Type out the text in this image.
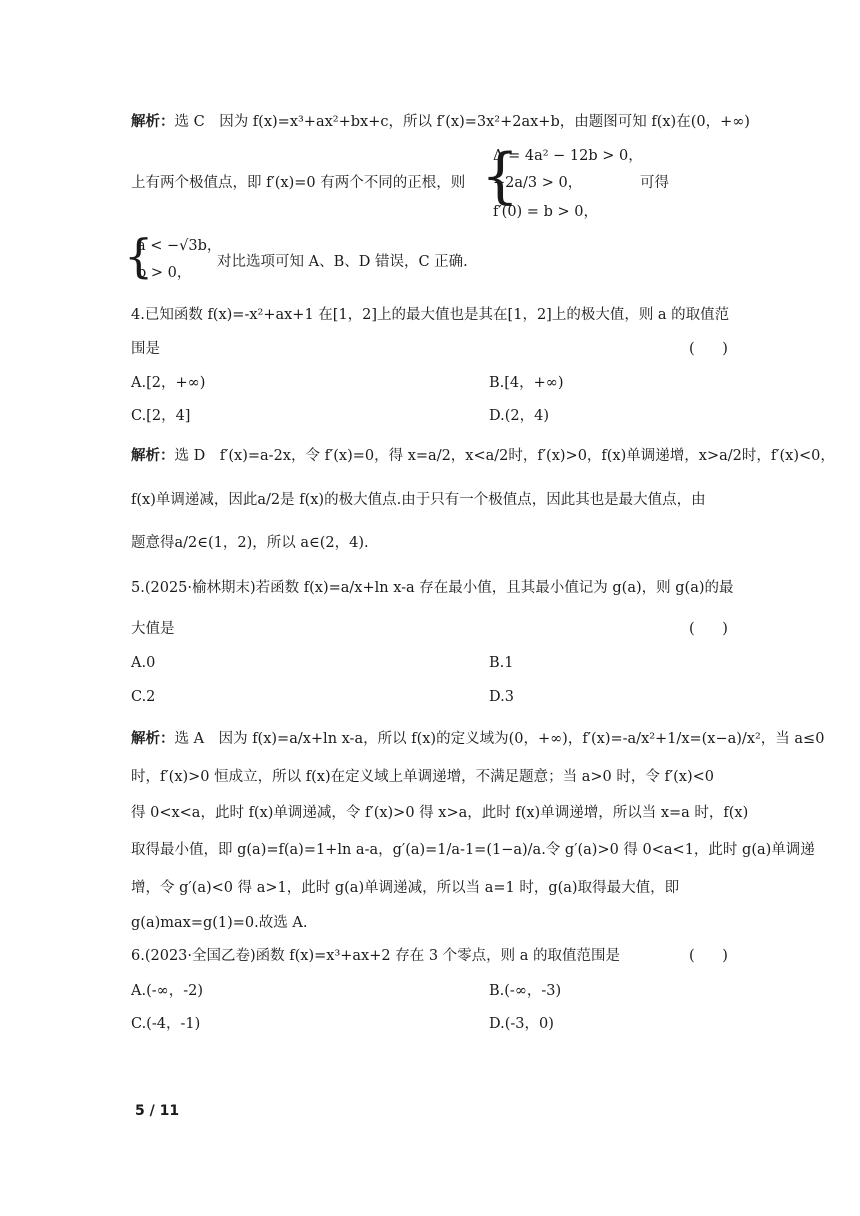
解析：选 C　因为 f(x)=x³+ax²+bx+c，所以 f′(x)=3x²+2ax+b，由题图可知 f(x)在(0，+∞)
上有两个极值点，即 f′(x)=0 有两个不同的正根，则 {
Δ = 4a² − 12b > 0，
−2a/3 > 0，
f′(0) = b > 0，
可得
{
a < −√3b，
b > 0，
对比选项可知 A、B、D 错误，C 正确.
4.已知函数 f(x)=-x²+ax+1 在[1，2]上的最大值也是其在[1，2]上的极大值，则 a 的取值范
围是	(      )
A.[2，+∞)	B.[4，+∞)
C.[2，4]	D.(2，4)
解析：选 D　f′(x)=a-2x，令 f′(x)=0，得 x=a/2，x<a/2时，f′(x)>0，f(x)单调递增，x>a/2时，f′(x)<0，
f(x)单调递减，因此a/2是 f(x)的极大值点.由于只有一个极值点，因此其也是最大值点，由
题意得a/2∈(1，2)，所以 a∈(2，4).
5.(2025·榆林期末)若函数 f(x)=a/x+ln x-a 存在最小值，且其最小值记为 g(a)，则 g(a)的最
大值是	(      )
A.0	B.1
C.2	D.3
解析：选 A　因为 f(x)=a/x+ln x-a，所以 f(x)的定义域为(0，+∞)，f′(x)=-a/x²+1/x=(x−a)/x²，当 a≤0
时，f′(x)>0 恒成立，所以 f(x)在定义域上单调递增，不满足题意；当 a>0 时，令 f′(x)<0
得 0<x<a，此时 f(x)单调递减，令 f′(x)>0 得 x>a，此时 f(x)单调递增，所以当 x=a 时，f(x)
取得最小值，即 g(a)=f(a)=1+ln a-a，g′(a)=1/a-1=(1−a)/a.令 g′(a)>0 得 0<a<1，此时 g(a)单调递
增，令 g′(a)<0 得 a>1，此时 g(a)单调递减，所以当 a=1 时，g(a)取得最大值，即
g(a)max=g(1)=0.故选 A.
6.(2023·全国乙卷)函数 f(x)=x³+ax+2 存在 3 个零点，则 a 的取值范围是	(      )
A.(-∞，-2)	B.(-∞，-3)
C.(-4，-1)	D.(-3，0)
5 / 11
